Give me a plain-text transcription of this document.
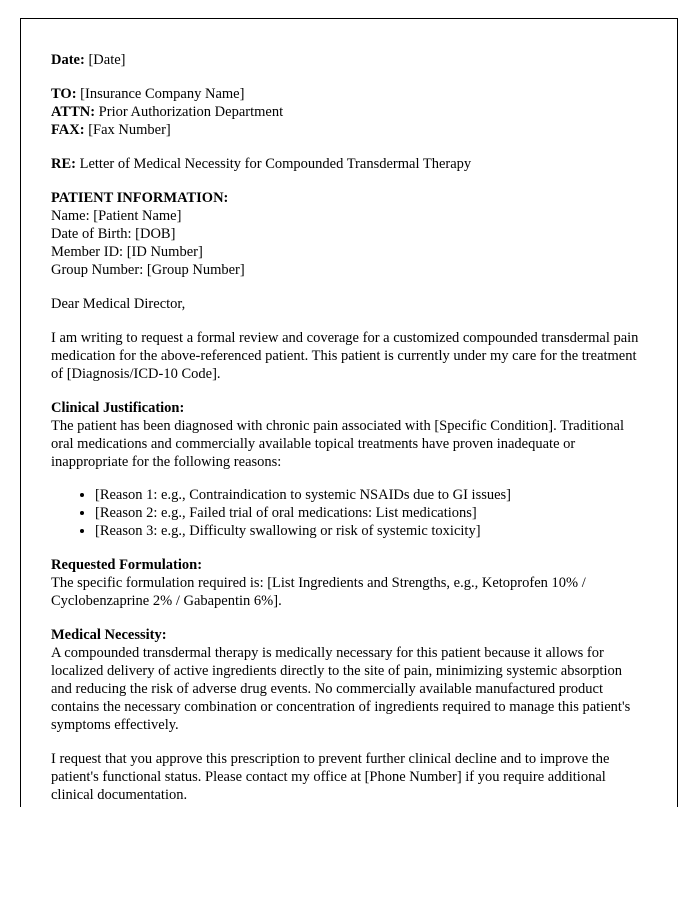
Date: [Date]

TO: [Insurance Company Name]

ATTN: Prior Authorization Department

FAX: [Fax Number]

RE: Letter of Medical Necessity for Compounded Transdermal Therapy

PATIENT INFORMATION:

Name: [Patient Name]

Date of Birth: [DOB]

Member ID: [ID Number]

Group Number: [Group Number]

Dear Medical Director,

I am writing to request a formal review and coverage for a customized compounded transdermal pain medication for the above-referenced patient. This patient is currently under my care for the treatment of [Diagnosis/ICD-10 Code].

Clinical Justification:

The patient has been diagnosed with chronic pain associated with [Specific Condition]. Traditional oral medications and commercially available topical treatments have proven inadequate or inappropriate for the following reasons:

• [Reason 1: e.g., Contraindication to systemic NSAIDs due to GI issues]
• [Reason 2: e.g., Failed trial of oral medications: List medications]
• [Reason 3: e.g., Difficulty swallowing or risk of systemic toxicity]

Requested Formulation:

The specific formulation required is: [List Ingredients and Strengths, e.g., Ketoprofen 10% / Cyclobenzaprine 2% / Gabapentin 6%].

Medical Necessity:

A compounded transdermal therapy is medically necessary for this patient because it allows for localized delivery of active ingredients directly to the site of pain, minimizing systemic absorption and reducing the risk of adverse drug events. No commercially available manufactured product contains the necessary combination or concentration of ingredients required to manage this patient's symptoms effectively.

I request that you approve this prescription to prevent further clinical decline and to improve the patient's functional status. Please contact my office at [Phone Number] if you require additional clinical documentation.
